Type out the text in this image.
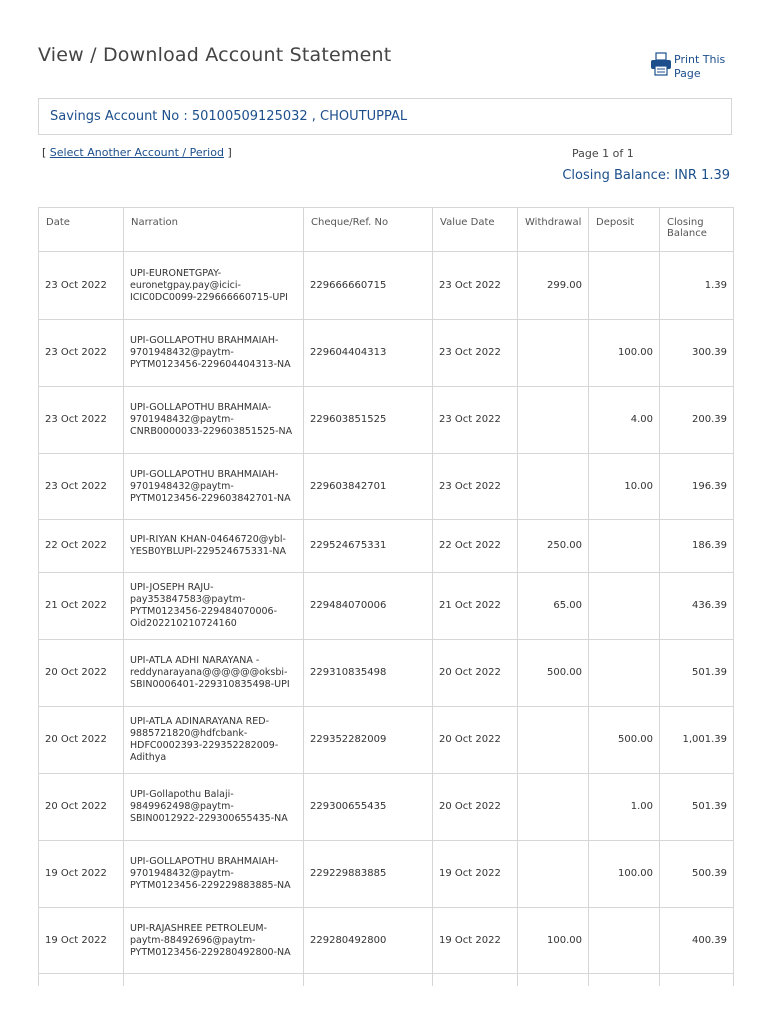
View / Download Account Statement	Print This Page
Savings Account No : 50100509125032 , CHOUTUPPAL
[ Select Another Account / Period ]	Page 1 of 1
Closing Balance: INR 1.39
Date	Narration	Cheque/Ref. No	Value Date	Withdrawal	Deposit	Closing Balance
23 Oct 2022	UPI-EURONETGPAY-euronetgpay.pay@icici-ICIC0DC0099-229666660715-UPI	229666660715	23 Oct 2022	299.00		1.39
23 Oct 2022	UPI-GOLLAPOTHU BRAHMAIAH-9701948432@paytm-PYTM0123456-229604404313-NA	229604404313	23 Oct 2022		100.00	300.39
23 Oct 2022	UPI-GOLLAPOTHU BRAHMAIA-9701948432@paytm-CNRB0000033-229603851525-NA	229603851525	23 Oct 2022		4.00	200.39
23 Oct 2022	UPI-GOLLAPOTHU BRAHMAIAH-9701948432@paytm-PYTM0123456-229603842701-NA	229603842701	23 Oct 2022		10.00	196.39
22 Oct 2022	UPI-RIYAN KHAN-04646720@ybl-YESB0YBLUPI-229524675331-NA	229524675331	22 Oct 2022	250.00		186.39
21 Oct 2022	UPI-JOSEPH RAJU-pay353847583@paytm-PYTM0123456-229484070006-Oid202210210724160	229484070006	21 Oct 2022	65.00		436.39
20 Oct 2022	UPI-ATLA ADHI NARAYANA -reddynarayana@@@@@@oksbi-SBIN0006401-229310835498-UPI	229310835498	20 Oct 2022	500.00		501.39
20 Oct 2022	UPI-ATLA ADINARAYANA RED-9885721820@hdfcbank-HDFC0002393-229352282009-Adithya	229352282009	20 Oct 2022		500.00	1,001.39
20 Oct 2022	UPI-Gollapothu Balaji-9849962498@paytm-SBIN0012922-229300655435-NA	229300655435	20 Oct 2022		1.00	501.39
19 Oct 2022	UPI-GOLLAPOTHU BRAHMAIAH-9701948432@paytm-PYTM0123456-229229883885-NA	229229883885	19 Oct 2022		100.00	500.39
19 Oct 2022	UPI-RAJASHREE PETROLEUM-paytm-88492696@paytm-PYTM0123456-229280492800-NA	229280492800	19 Oct 2022	100.00		400.39
